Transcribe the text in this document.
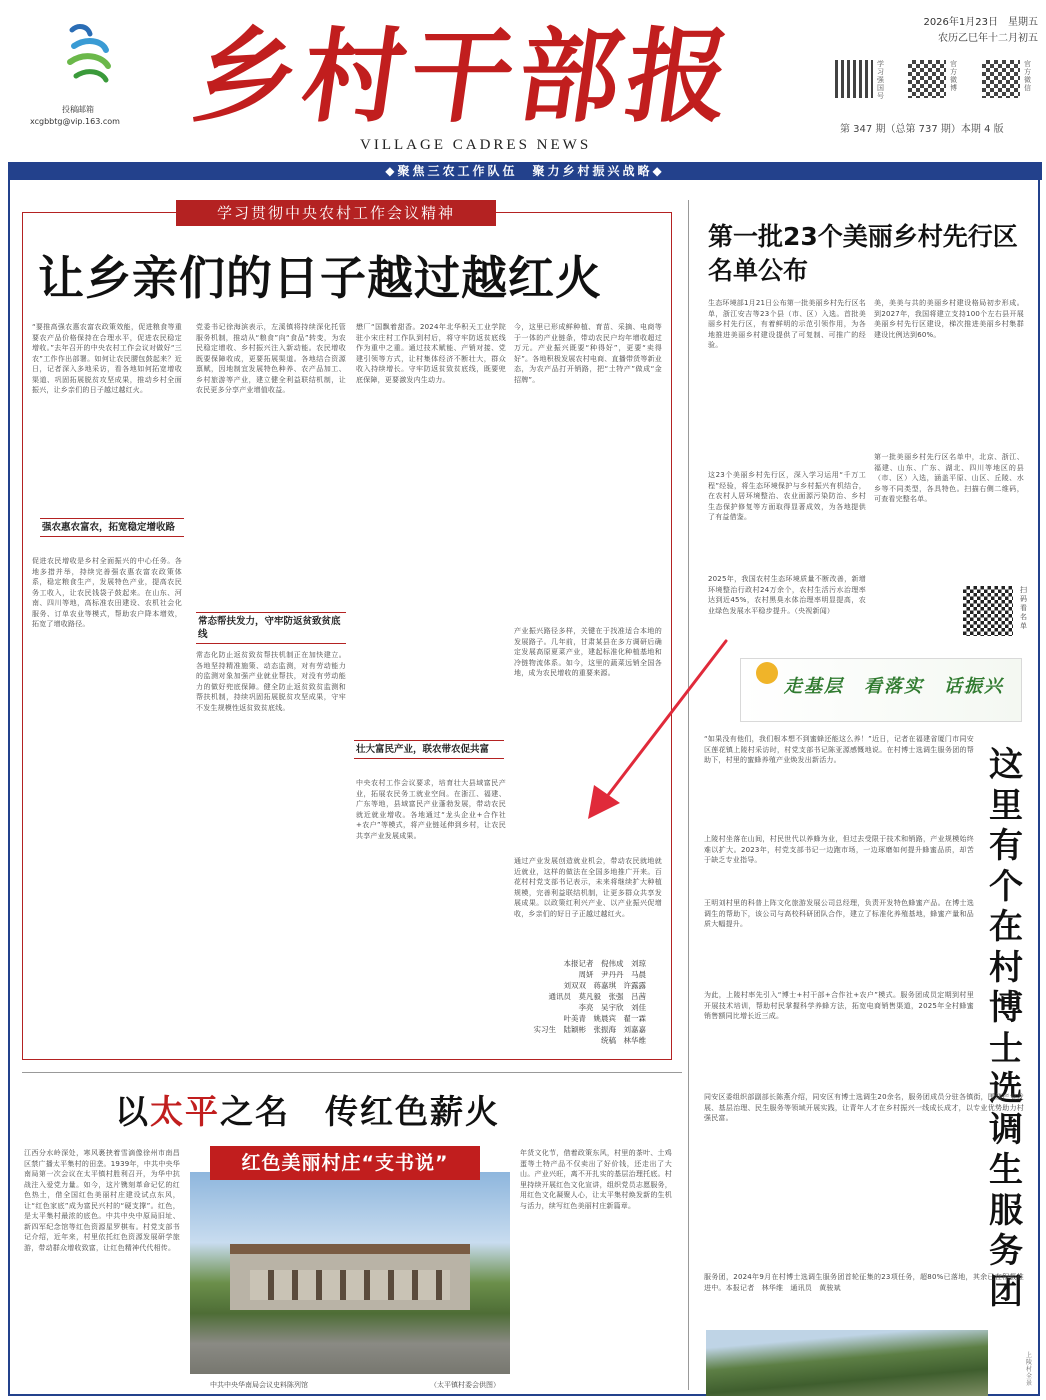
投稿邮箱
xcgbbtg@vip.163.com 乡村干部报
VILLAGE CADRES NEWS
2026年1月23日　星期五
农历乙巳年十二月初五
学习强国号
官方微博
官方微信
第 347 期（总第 737 期）本期 4 版
◆聚焦三农工作队伍　聚力乡村振兴战略◆
学习贯彻中央农村工作会议精神
让乡亲们的日子越过越红火
“要推高强农惠农富农政策效能，促进粮食等重要农产品价格保持在合理水平，促进农民稳定增收。”去年召开的中央农村工作会议对做好“三农”工作作出部署。如何让农民腰包鼓起来？近日，记者深入多地采访，看各地如何拓宽增收渠道、巩固拓展脱贫攻坚成果，推动乡村全面振兴，让乡亲们的日子越过越红火。
强农惠农富农，拓宽稳定增收路
促进农民增收是乡村全面振兴的中心任务。各地多措并举，持续完善强农惠农富农政策体系，稳定粮食生产，发展特色产业，提高农民务工收入，让农民钱袋子鼓起来。在山东、河南、四川等地，高标准农田建设、农机社会化服务、订单农业等模式，帮助农户降本增效，拓宽了增收路径。
党委书记徐海滨表示，左溪镇将持续深化托管服务机制，推动从“粮食”向“食品”转变，为农民稳定增收、乡村振兴注入新动能。农民增收既要保障收成，更要拓展渠道。各地结合资源禀赋，因地制宜发展特色种养、农产品加工、乡村旅游等产业，建立健全利益联结机制，让农民更多分享产业增值收益。
常态帮扶发力，守牢防返贫致贫底线
常态化防止返贫致贫帮扶机制正在加快建立。各地坚持精准施策、动态监测，对有劳动能力的监测对象加强产业就业帮扶，对没有劳动能力的做好兜底保障。健全防止返贫致贫监测和帮扶机制，持续巩固拓展脱贫攻坚成果，守牢不发生规模性返贫致贫底线。
懋厂“国飘着甜香。2024年北华积天工业学院驻小宋庄村工作队到村后，将守牢防返贫底线作为重中之重。通过技术赋能、产销对接、党建引领等方式，让村集体经济不断壮大，群众收入持续增长。守牢防返贫致贫底线，既要兜底保障，更要激发内生动力。
壮大富民产业，联农带农促共富
中央农村工作会议要求，培育壮大县域富民产业，拓展农民务工就业空间。在浙江、福建、广东等地，县域富民产业蓬勃发展，带动农民就近就业增收。各地通过“龙头企业+合作社+农户”等模式，将产业链延伸到乡村，让农民共享产业发展成果。
今，这里已形成鲜种植、育苗、采摘、电商等于一体的产业链条，带动农民户均年增收超过万元。产业振兴既要“种得好”，更要“卖得好”。各地积极发展农村电商、直播带货等新业态，为农产品打开销路，把“土特产”做成“金招牌”。
产业振兴路径多样，关键在于找准适合本地的发展路子。几年前，甘肃某县在多方调研后确定发展高原夏菜产业，建起标准化种植基地和冷链物流体系。如今，这里的蔬菜远销全国各地，成为农民增收的重要来源。
通过产业发展创造就业机会，带动农民就地就近就业，这样的做法在全国多地推广开来。百花村村党支部书记表示，未来将继续扩大种植规模，完善利益联结机制，让更多群众共享发展成果。以政策红利兴产业、以产业振兴促增收，乡亲们的好日子正越过越红火。
本报记者　倪伟成　刘琼
周妍　尹丹丹　马晨
刘双双　蒋嘉琪　许露露
通讯员　莫凡毅　张强　吕茜
李亮　吴宇欣　刘佳
叶美青　姚晨宾　翟一霖
实习生　陆颖彬　张振海　刘嘉嘉
统稿　林华维
第一批23个美丽乡村先行区名单公布
生态环境部1月21日公布第一批美丽乡村先行区名单，浙江安吉等23个县（市、区）入选。首批美丽乡村先行区，有着鲜明的示范引领作用，为各地推进美丽乡村建设提供了可复制、可推广的经验。
这23个美丽乡村先行区，深入学习运用“千万工程”经验，将生态环境保护与乡村振兴有机结合，在农村人居环境整治、农业面源污染防治、乡村生态保护修复等方面取得显著成效，为各地提供了有益借鉴。
2025年，我国农村生态环境质量不断改善，新增环境整治行政村24万余个，农村生活污水治理率达到近45%，农村黑臭水体治理率明显提高，农业绿色发展水平稳步提升。（央视新闻）
美，美美与共的美丽乡村建设格局初步形成。到2027年，我国将建立支持100个左右县开展美丽乡村先行区建设，梯次推进美丽乡村集群建设比例达到60%。
第一批美丽乡村先行区名单中，北京、浙江、福建、山东、广东、湖北、四川等地区的县（市、区）入选，涵盖平原、山区、丘陵、水乡等不同类型，各具特色。扫描右侧二维码，可查看完整名单。
扫码看名单
走基层　看落实　话振兴
这里有个在村博士选调生服务团
“如果没有他们，我们根本想不到蜜蜂还能这么养！”近日，记者在福建省厦门市同安区莲花镇上陵村采访时，村党支部书记陈亚源感慨地说。在村博士选调生服务团的帮助下，村里的蜜蜂养殖产业焕发出新活力。
上陵村坐落在山间，村民世代以养蜂为业，但过去受限于技术和销路，产业规模始终难以扩大。2023年，村党支部书记一边跑市场，一边琢磨如何提升蜂蜜品质，却苦于缺乏专业指导。
王明刘村里的科普上阵文化旅游发展公司总经理，负责开发特色蜂蜜产品。在博士选调生的帮助下，该公司与高校科研团队合作，建立了标准化养殖基地，蜂蜜产量和品质大幅提升。
为此，上陵村率先引入“博士+村干部+合作社+农户”模式。服务团成员定期到村里开展技术培训，帮助村民掌握科学养蜂方法，拓宽电商销售渠道，2025年全村蜂蜜销售额同比增长近三成。
同安区委组织部副部长陈燕介绍，同安区有博士选调生20余名，服务团成员分驻各镇街，围绕产业发展、基层治理、民生服务等领域开展实践，让青年人才在乡村振兴一线成长成才，以专业优势助力村强民富。
服务团，2024年9月在村博士选调生服务团首轮征集的23项任务，超80%已落地，其余已在积极推进中。本报记者　林华维　通讯员　黄骏斌
上陵村全景
以太平之名　传红色薪火
江西分水岭深处，寒风裹挟着雪滴像徐州市南昌区禁广播太平集村的田垄。1939年，中共中央华南局第一次会议在太平镇村胜利召开，为华中抗战注入爱党力量。如今，这片镌刻革命记忆的红色热土，借全国红色美丽村庄建设试点东风，让“红色家底”成为富民兴村的“硬支撑”。红色，是太平集村最浓的底色。中共中央中原局旧址、新四军纪念馆等红色资源星罗棋布。村党支部书记介绍，近年来，村里依托红色资源发展研学旅游，带动群众增收致富，让红色精神代代相传。
红色美丽村庄“支书说”
中共中央华南局会议史料陈列馆	（太平镇村委会供图）
年货文化节，借着政策东风，村里的茶叶、土鸡蛋等土特产品不仅卖出了好价钱，还走出了大山。产业兴旺，离不开扎实的基层治理托底。村里持续开展红色文化宣讲，组织党员志愿服务，用红色文化凝聚人心，让太平集村焕发新的生机与活力，续写红色美丽村庄新篇章。
